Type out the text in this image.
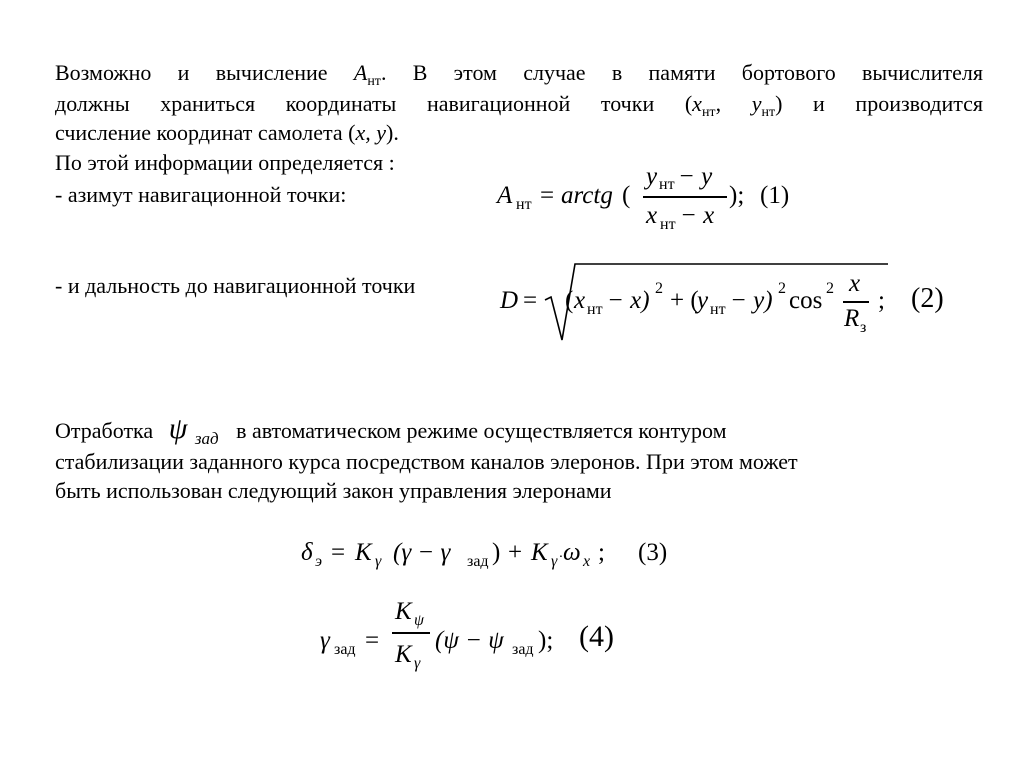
Возможно и вычисление $A_{нт}$. В этом случае в памяти бортового вычислителя
должны храниться координаты навигационной точки ($x_{нт}$, $y_{нт}$) и производится
счисление координат самолета (x, y).
По этой информации определяется :
- азимут навигационной точки:	A нт = arctg (
y нт − y
x нт − x
); (1)
- и дальность до навигационной точки
D = ( x нт − x) 2 + (
y нт − y) 2 cos 2 x
R з
; (2)
Отработка ψ $_{зад}$ в автоматическом режиме осуществляется контуром
стабилизации заданного курса посредством каналов элеронов. При этом может
быть использован следующий закон управления элеронами
δ э = K γ (γ − γ зад ) + K γ̇ ω x ; (3)
γ зад =
K ψ
K γ
(ψ − ψ зад ); (4)
